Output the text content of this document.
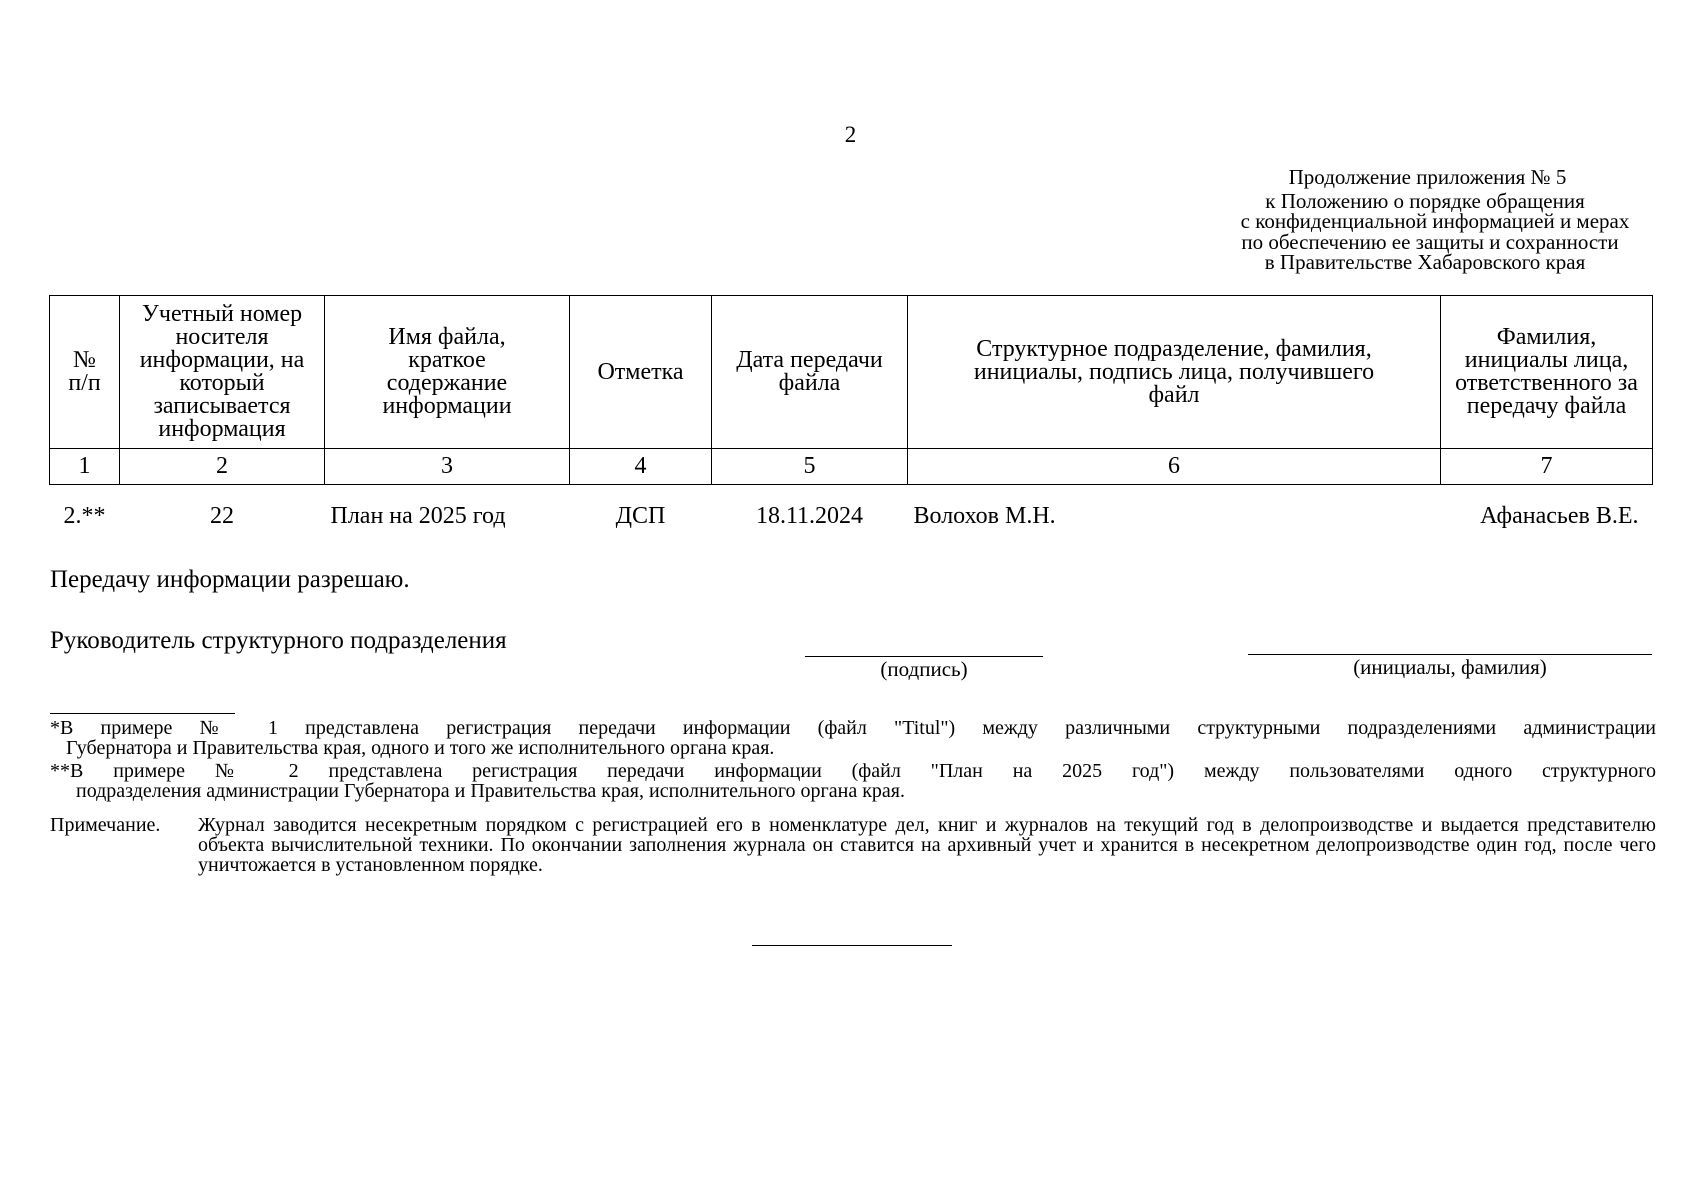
2
Продолжение приложения № 5
к Положению о порядке обращения
с конфиденциальной информацией и мерах
по обеспечению ее защиты и сохранности
в Правительстве Хабаровского края
№ п/п	Учетный номер носителя информации, на который записывается информация	Имя файла, краткое содержание информации	Отметка	Дата передачи файла	Структурное подразделение, фамилия, инициалы, подпись лица, получившего файл	Фамилия, инициалы лица, ответственного за передачу файла
1	2	3	4	5	6	7
2.**	22	План на 2025 год	ДСП	18.11.2024	Волохов М.Н.	Афанасьев В.Е.
Передачу информации разрешаю.
Руководитель структурного подразделения
(подпись)	(инициалы, фамилия)
*В примере № 1 представлена регистрация передачи информации (файл "Titul") между различными структурными подразделениями администрации
Губернатора и Правительства края, одного и того же исполнительного органа края.
**В примере № 2 представлена регистрация передачи информации (файл "План на 2025 год") между пользователями одного структурного
подразделения администрации Губернатора и Правительства края, исполнительного органа края.
Примечание.	Журнал заводится несекретным порядком с регистрацией его в номенклатуре дел, книг и журналов на текущий год в делопроизводстве и выдается представителю объекта вычислительной техники. По окончании заполнения журнала он ставится на архивный учет и хранится в несекретном делопроизводстве один год, после чего уничтожается в установленном порядке.
